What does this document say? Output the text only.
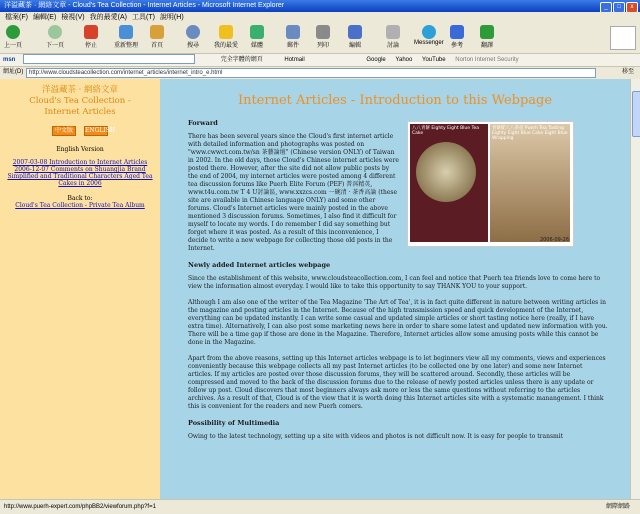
洋溢藏茶 · 網絡文章 - Cloud's Tea Collection - Internet Articles - Microsoft Internet Explorer	_ □ x
檔案(F) 編輯(E) 檢視(V) 我的最愛(A) 工具(T) 說明(H)
上一頁	下一頁	停止	重新整理 首頁	搜尋	我的最愛 媒體	郵件	列印	編輯	討論	Messenger 參考	翻譯
msn	完全字體的網頁	Hotmail	Google Yahoo YouTube Norton Internet Security
網址(D) http://www.cloudsteacollection.com/internet_articles/internet_intro_e.html	移至
洋溢藏茶 · 網絡文章
Cloud's Tea Collection - Internet Articles
中文版 ENGLISH
English Version
2007-03-08 Introduction to Internet Articles
2006-12-07 Comments on Shuangjia Brand Simplified and Traditional Characters Aged Tea Cakes in 2006
Back to:
Cloud's Tea Collection - Private Tea Album
Internet Articles - Introduction to this Webpage
八八青餅 Eighty Eight Blue Tea Cake
青餅配八八茶壺 Puerh Tea Tasting Eighty Eight Blue Cake Eight Blue Wrapping
2006-09-26
Forward
There has been several years since the Cloud's first internet article with detailed information and photographs was posted on "www.cwwct.com.tw/sn 茶藝論壇" (Chinese version ONLY) of Taiwan in 2002. In the old days, those Cloud's Chinese internet articles were posted there. However, after the site did not allow public posts by the end of 2004, my internet articles were posted among 4 different tea discussion forums like Puerh Elite Forum (PEF) 普洱精英, www.t4u.com.tw T 4 U討論區, www.xxzcs.com 一碗清 · 茶香高論 (these site are available in Chinese language ONLY) and some other forums. Cloud's Internet articles were mainly posted in the above mentioned 3 discussion forums. Sometimes, I also find it difficult for myself to locate my words. I do remember I did say something but forget where it was posted. As a result of this inconvenience, I decide to write a new webpage for collecting those old posts in the Internet.
Newly added Internet articles webpage
Since the establishment of this website, www.cloudsteacollection.com, I can feel and notice that Puerh tea friends love to come here to view the information almost everyday. I would like to take this opportunity to say THANK YOU to your support.
Although I am also one of the writer of the Tea Magazine 'The Art of Tea', it is in fact quite different in nature between writing articles in the magazine and posting articles in the Internet. Because of the high transmission speed and quick development of the Internet, everything can be updated instantly. I can write some casual and updated simple articles or short tasting notice here (really, if I have extra time). Alternatively, I can also post some marketing news here in order to share some latest and updated new information with you. There will be a time gap if those are done in the Magazine. Therefore, Internet articles allow some amusing posts while this cannot be done in the Magazine.
Apart from the above reasons, setting up this Internet articles webpage is to let beginners view all my comments, views and experiences conveniently because this webpage collects all my past Internet articles (to be collected one by one later) and some new Internet articles. If my articles are posted over those discussion forums, they will be scattered around. Secondly, these articles will be compressed and moved to the back of the discussion forums due to the release of newly posted articles unless there is any update or follow up post. Cloud discovers that most beginners always ask more or less the same questions without referring to the articles archives. As a result of that, Cloud is of the view that it is worth doing this Internet articles site with a systematic manangement. I think this is convenient for the readers and new Puerh comers.
Possibility of Multimedia
Owing to the latest technology, setting up a site with videos and photos is not difficult now. It is easy for people to transmit
http://www.puerh-expert.com/phpBB2/viewforum.php?f=1	網際網路
